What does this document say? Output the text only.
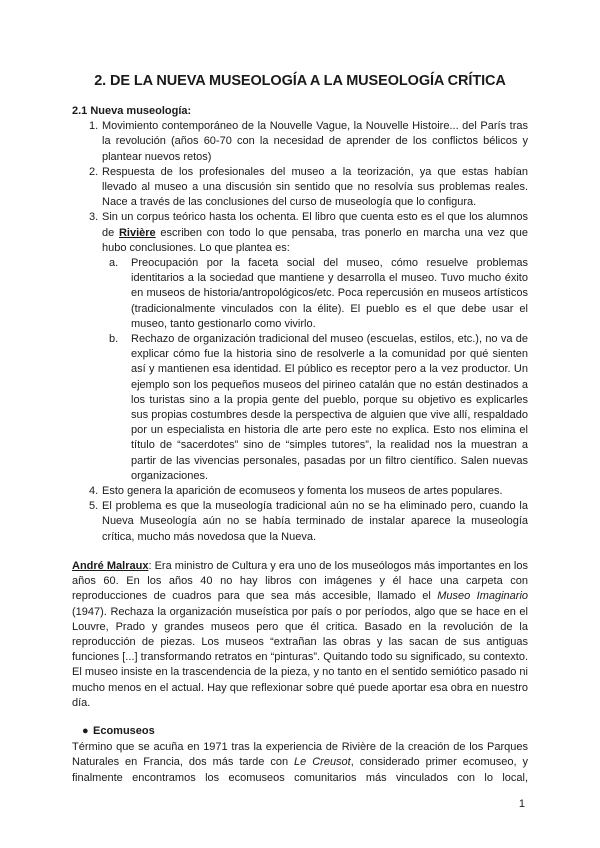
2. DE LA NUEVA MUSEOLOGÍA A LA MUSEOLOGÍA CRÍTICA

2.1 Nueva museología:

1. Movimiento contemporáneo de la Nouvelle Vague, la Nouvelle Histoire... del París tras la revolución (años 60-70 con la necesidad de aprender de los conflictos bélicos y plantear nuevos retos)
2. Respuesta de los profesionales del museo a la teorización, ya que estas habían llevado al museo a una discusión sin sentido que no resolvía sus problemas reales. Nace a través de las conclusiones del curso de museología que lo configura.
3. Sin un corpus teórico hasta los ochenta. El libro que cuenta esto es el que los alumnos de Rivière escriben con todo lo que pensaba, tras ponerlo en marcha una vez que hubo conclusiones. Lo que plantea es:
a. Preocupación por la faceta social del museo, cómo resuelve problemas identitarios a la sociedad que mantiene y desarrolla el museo. Tuvo mucho éxito en museos de historia/antropológicos/etc. Poca repercusión en museos artísticos (tradicionalmente vinculados con la élite). El pueblo es el que debe usar el museo, tanto gestionarlo como vivirlo.
b. Rechazo de organización tradicional del museo (escuelas, estilos, etc.), no va de explicar cómo fue la historia sino de resolverle a la comunidad por qué sienten así y mantienen esa identidad. El público es receptor pero a la vez productor. Un ejemplo son los pequeños museos del pirineo catalán que no están destinados a los turistas sino a la propia gente del pueblo, porque su objetivo es explicarles sus propias costumbres desde la perspectiva de alguien que vive allí, respaldado por un especialista en historia dle arte pero este no explica. Esto nos elimina el título de “sacerdotes” sino de “simples tutores”, la realidad nos la muestran a partir de las vivencias personales, pasadas por un filtro científico. Salen nuevas organizaciones.
4. Esto genera la aparición de ecomuseos y fomenta los museos de artes populares.
5. El problema es que la museología tradicional aún no se ha eliminado pero, cuando la Nueva Museología aún no se había terminado de instalar aparece la museología crítica, mucho más novedosa que la Nueva.

André Malraux: Era ministro de Cultura y era uno de los museólogos más importantes en los años 60. En los años 40 no hay libros con imágenes y él hace una carpeta con reproducciones de cuadros para que sea más accesible, llamado el Museo Imaginario (1947). Rechaza la organización museística por país o por períodos, algo que se hace en el Louvre, Prado y grandes museos pero que él critica. Basado en la revolución de la reproducción de piezas. Los museos “extrañan las obras y las sacan de sus antiguas funciones [...] transformando retratos en “pinturas”. Quitando todo su significado, su contexto. El museo insiste en la trascendencia de la pieza, y no tanto en el sentido semiótico pasado ni mucho menos en el actual. Hay que reflexionar sobre qué puede aportar esa obra en nuestro día.

● Ecomuseos

Término que se acuña en 1971 tras la experiencia de Rivière de la creación de los Parques Naturales en Francia, dos más tarde con Le Creusot, considerado primer ecomuseo, y

finalmente encontramos los ecomuseos comunitarios más vinculados con lo local,

1
